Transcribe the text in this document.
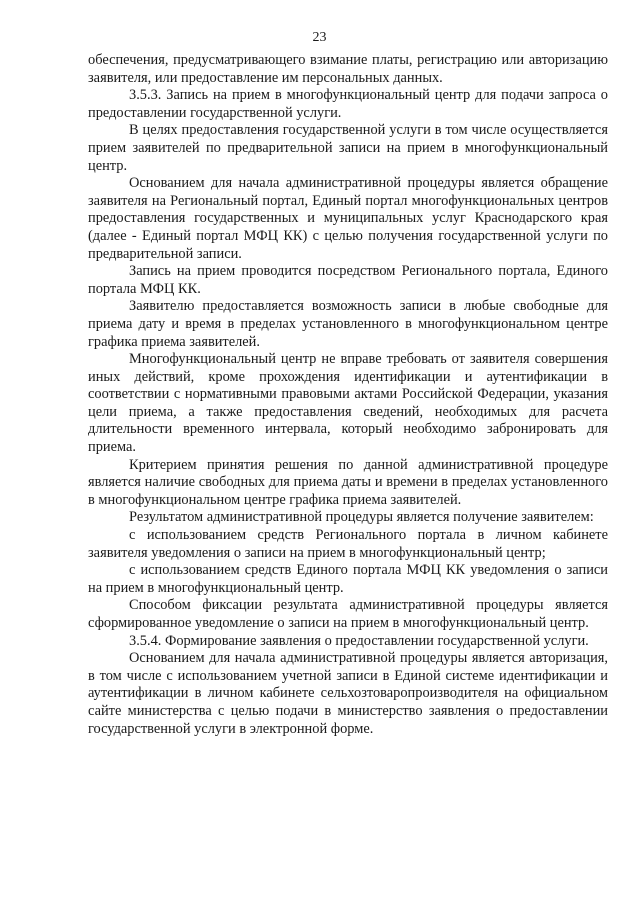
23

обеспечения, предусматривающего взимание платы, регистрацию или авторизацию заявителя, или предоставление им персональных данных.

3.5.3. Запись на прием в многофункциональный центр для подачи запроса о предоставлении государственной услуги.

В целях предоставления государственной услуги в том числе осуществляется прием заявителей по предварительной записи на прием в многофункциональный центр.

Основанием для начала административной процедуры является обращение заявителя на Региональный портал, Единый портал многофункциональных центров предоставления государственных и муниципальных услуг Краснодарского края (далее - Единый портал МФЦ КК) с целью получения государственной услуги по предварительной записи.

Запись на прием проводится посредством Регионального портала, Единого портала МФЦ КК.

Заявителю предоставляется возможность записи в любые свободные для приема дату и время в пределах установленного в многофункциональном центре графика приема заявителей.

Многофункциональный центр не вправе требовать от заявителя совершения иных действий, кроме прохождения идентификации и аутентификации в соответствии с нормативными правовыми актами Российской Федерации, указания цели приема, а также предоставления сведений, необходимых для расчета длительности временного интервала, который необходимо забронировать для приема.

Критерием принятия решения по данной административной процедуре является наличие свободных для приема даты и времени в пределах установленного в многофункциональном центре графика приема заявителей.

Результатом административной процедуры является получение заявителем:

с использованием средств Регионального портала в личном кабинете заявителя уведомления о записи на прием в многофункциональный центр;

с использованием средств Единого портала МФЦ КК уведомления о записи на прием в многофункциональный центр.

Способом фиксации результата административной процедуры является сформированное уведомление о записи на прием в многофункциональный центр.

3.5.4. Формирование заявления о предоставлении государственной услуги.

Основанием для начала административной процедуры является авторизация, в том числе с использованием учетной записи в Единой системе идентификации и аутентификации в личном кабинете сельхозтоваропроизводителя на официальном сайте министерства с целью подачи в министерство заявления о предоставлении государственной услуги в электронной форме.
